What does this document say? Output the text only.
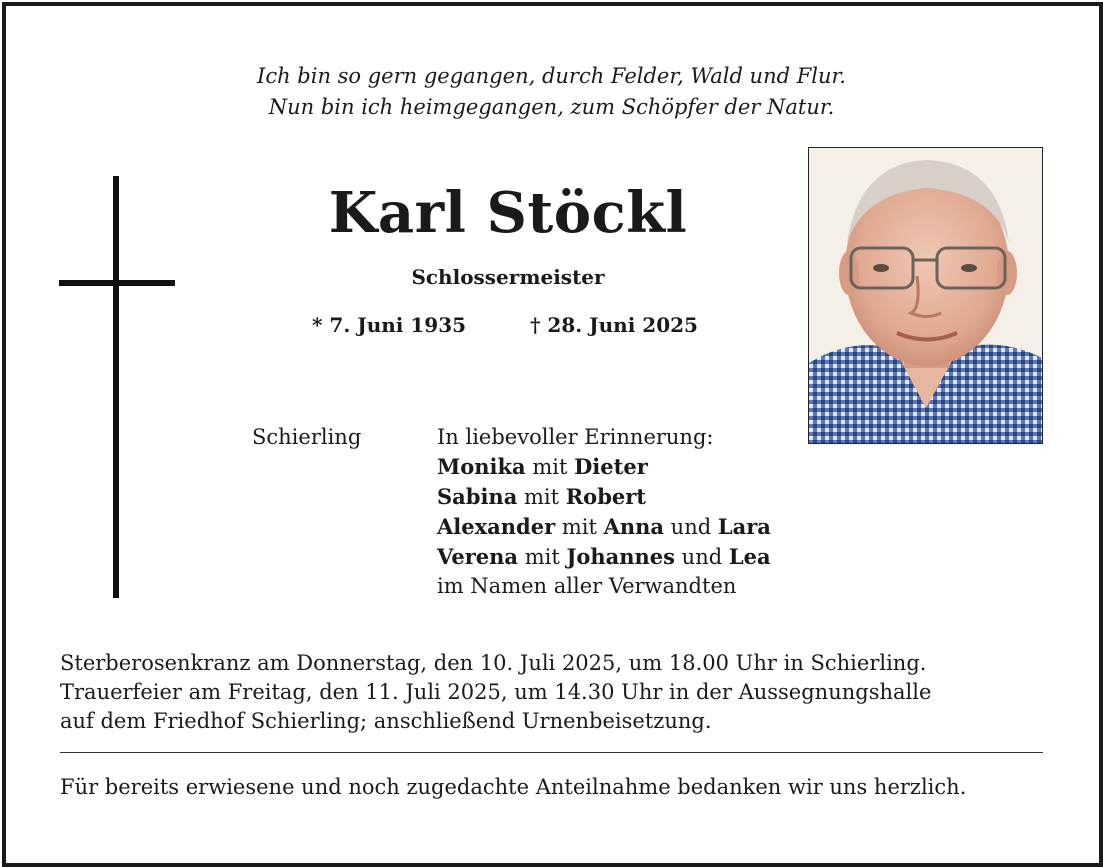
Ich bin so gern gegangen, durch Felder, Wald und Flur.
Nun bin ich heimgegangen, zum Schöpfer der Natur.
Karl Stöckl
Schlossermeister
* 7. Juni 1935	† 28. Juni 2025
Schierling	In liebevoller Erinnerung:
Monika mit Dieter
Sabina mit Robert
Alexander mit Anna und Lara
Verena mit Johannes und Lea
im Namen aller Verwandten
Sterberosenkranz am Donnerstag, den 10. Juli 2025, um 18.00 Uhr in Schierling.
Trauerfeier am Freitag, den 11. Juli 2025, um 14.30 Uhr in der Aussegnungshalle
auf dem Friedhof Schierling; anschließend Urnenbeisetzung.
Für bereits erwiesene und noch zugedachte Anteilnahme bedanken wir uns herzlich.
